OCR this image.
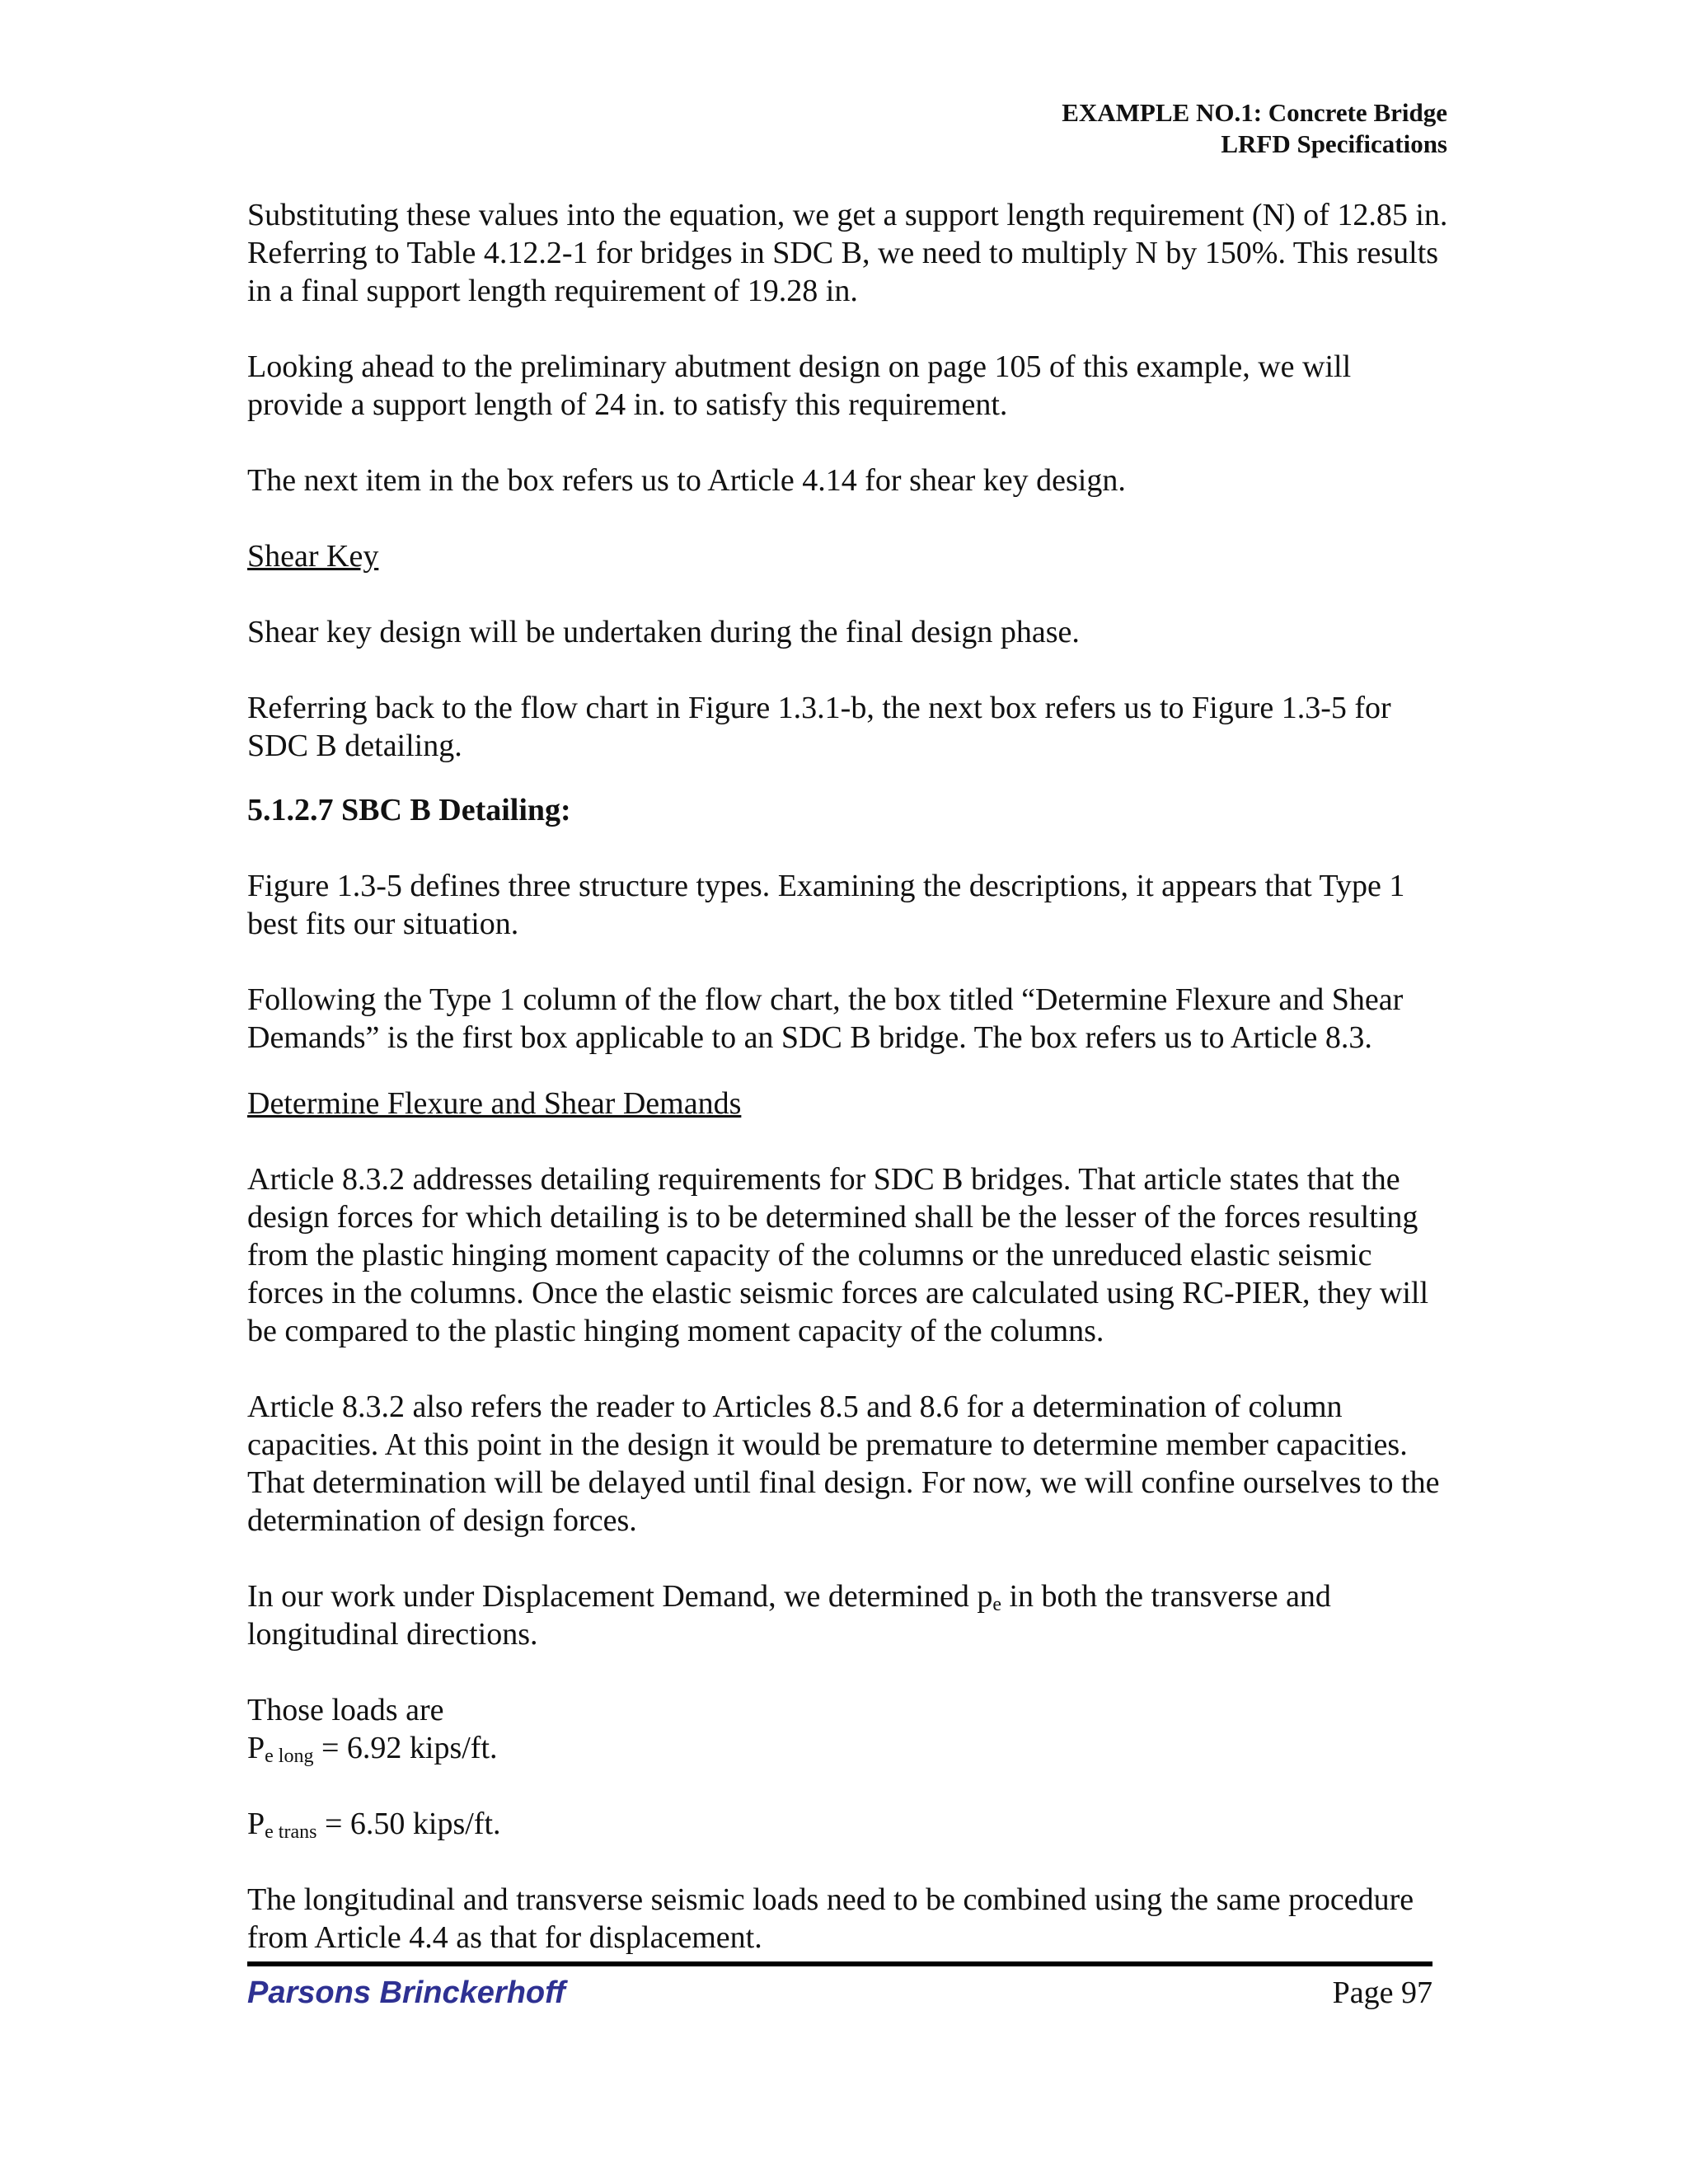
EXAMPLE NO.1: Concrete Bridge
LRFD Specifications

Substituting these values into the equation, we get a support length requirement (N) of 12.85 in. Referring to Table 4.12.2-1 for bridges in SDC B, we need to multiply N by 150%. This results in a final support length requirement of 19.28 in.

Looking ahead to the preliminary abutment design on page 105 of this example, we will provide a support length of 24 in. to satisfy this requirement.

The next item in the box refers us to Article 4.14 for shear key design.

Shear Key

Shear key design will be undertaken during the final design phase.

Referring back to the flow chart in Figure 1.3.1-b, the next box refers us to Figure 1.3-5 for SDC B detailing.

5.1.2.7 SBC B Detailing:

Figure 1.3-5 defines three structure types. Examining the descriptions, it appears that Type 1 best fits our situation.

Following the Type 1 column of the flow chart, the box titled “Determine Flexure and Shear Demands” is the first box applicable to an SDC B bridge. The box refers us to Article 8.3.

Determine Flexure and Shear Demands

Article 8.3.2 addresses detailing requirements for SDC B bridges. That article states that the design forces for which detailing is to be determined shall be the lesser of the forces resulting from the plastic hinging moment capacity of the columns or the unreduced elastic seismic forces in the columns. Once the elastic seismic forces are calculated using RC-PIER, they will be compared to the plastic hinging moment capacity of the columns.

Article 8.3.2 also refers the reader to Articles 8.5 and 8.6 for a determination of column capacities. At this point in the design it would be premature to determine member capacities. That determination will be delayed until final design. For now, we will confine ourselves to the determination of design forces.

In our work under Displacement Demand, we determined $p_e$ in both the transverse and longitudinal directions.

Those loads are

$P_{e long} = 6.92$ kips/ft.

$P_{e trans} = 6.50$ kips/ft.

The longitudinal and transverse seismic loads need to be combined using the same procedure from Article 4.4 as that for displacement.

Parsons Brinckerhoff	Page 97
